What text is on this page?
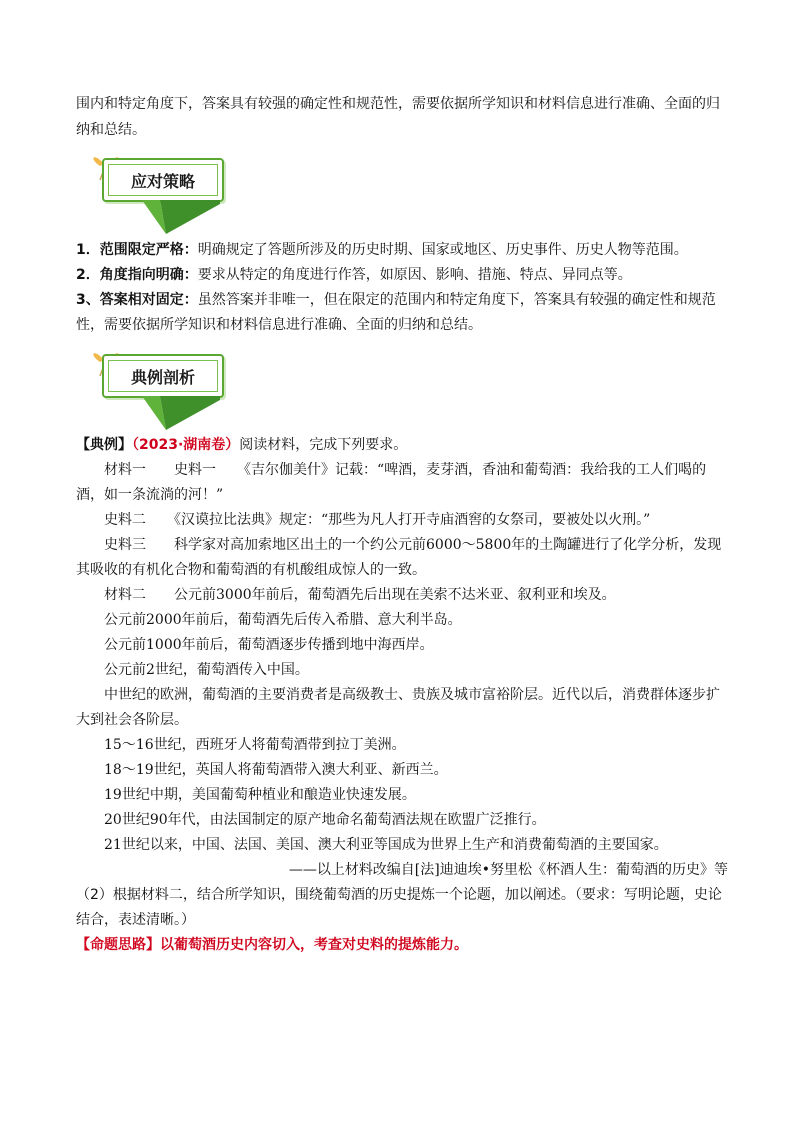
围内和特定角度下，答案具有较强的确定性和规范性，需要依据所学知识和材料信息进行准确、全面的归
纳和总结。
应对策略
1．范围限定严格：明确规定了答题所涉及的历史时期、国家或地区、历史事件、历史人物等范围。
2．角度指向明确：要求从特定的角度进行作答，如原因、影响、措施、特点、异同点等。
3、答案相对固定：虽然答案并非唯一，但在限定的范围内和特定角度下，答案具有较强的确定性和规范性，需要依据所学知识和材料信息进行准确、全面的归纳和总结。
典例剖析
【典例】（2023·湖南卷）阅读材料，完成下列要求。
材料一　　史料一　　《吉尔伽美什》记载：“啤酒，麦芽酒，香油和葡萄酒：我给我的工人们喝的酒，如一条流淌的河！”
史料二　　《汉谟拉比法典》规定：“那些为凡人打开寺庙酒窖的女祭司，要被处以火刑。”
史料三　　科学家对高加索地区出土的一个约公元前6000～5800年的土陶罐进行了化学分析，发现其吸收的有机化合物和葡萄酒的有机酸组成惊人的一致。
材料二　　公元前3000年前后，葡萄酒先后出现在美索不达米亚、叙利亚和埃及。
公元前2000年前后，葡萄酒先后传入希腊、意大利半岛。
公元前1000年前后，葡萄酒逐步传播到地中海西岸。
公元前2世纪，葡萄酒传入中国。
中世纪的欧洲，葡萄酒的主要消费者是高级教士、贵族及城市富裕阶层。近代以后，消费群体逐步扩大到社会各阶层。
15～16世纪，西班牙人将葡萄酒带到拉丁美洲。
18～19世纪，英国人将葡萄酒带入澳大利亚、新西兰。
19世纪中期，美国葡萄种植业和酿造业快速发展。
20世纪90年代，由法国制定的原产地命名葡萄酒法规在欧盟广泛推行。
21世纪以来，中国、法国、美国、澳大利亚等国成为世界上生产和消费葡萄酒的主要国家。
——以上材料改编自[法]迪迪埃•努里松《杯酒人生：葡萄酒的历史》等
（2）根据材料二，结合所学知识，围绕葡萄酒的历史提炼一个论题，加以阐述。（要求：写明论题，史论结合，表述清晰。）
【命题思路】以葡萄酒历史内容切入，考查对史料的提炼能力。
